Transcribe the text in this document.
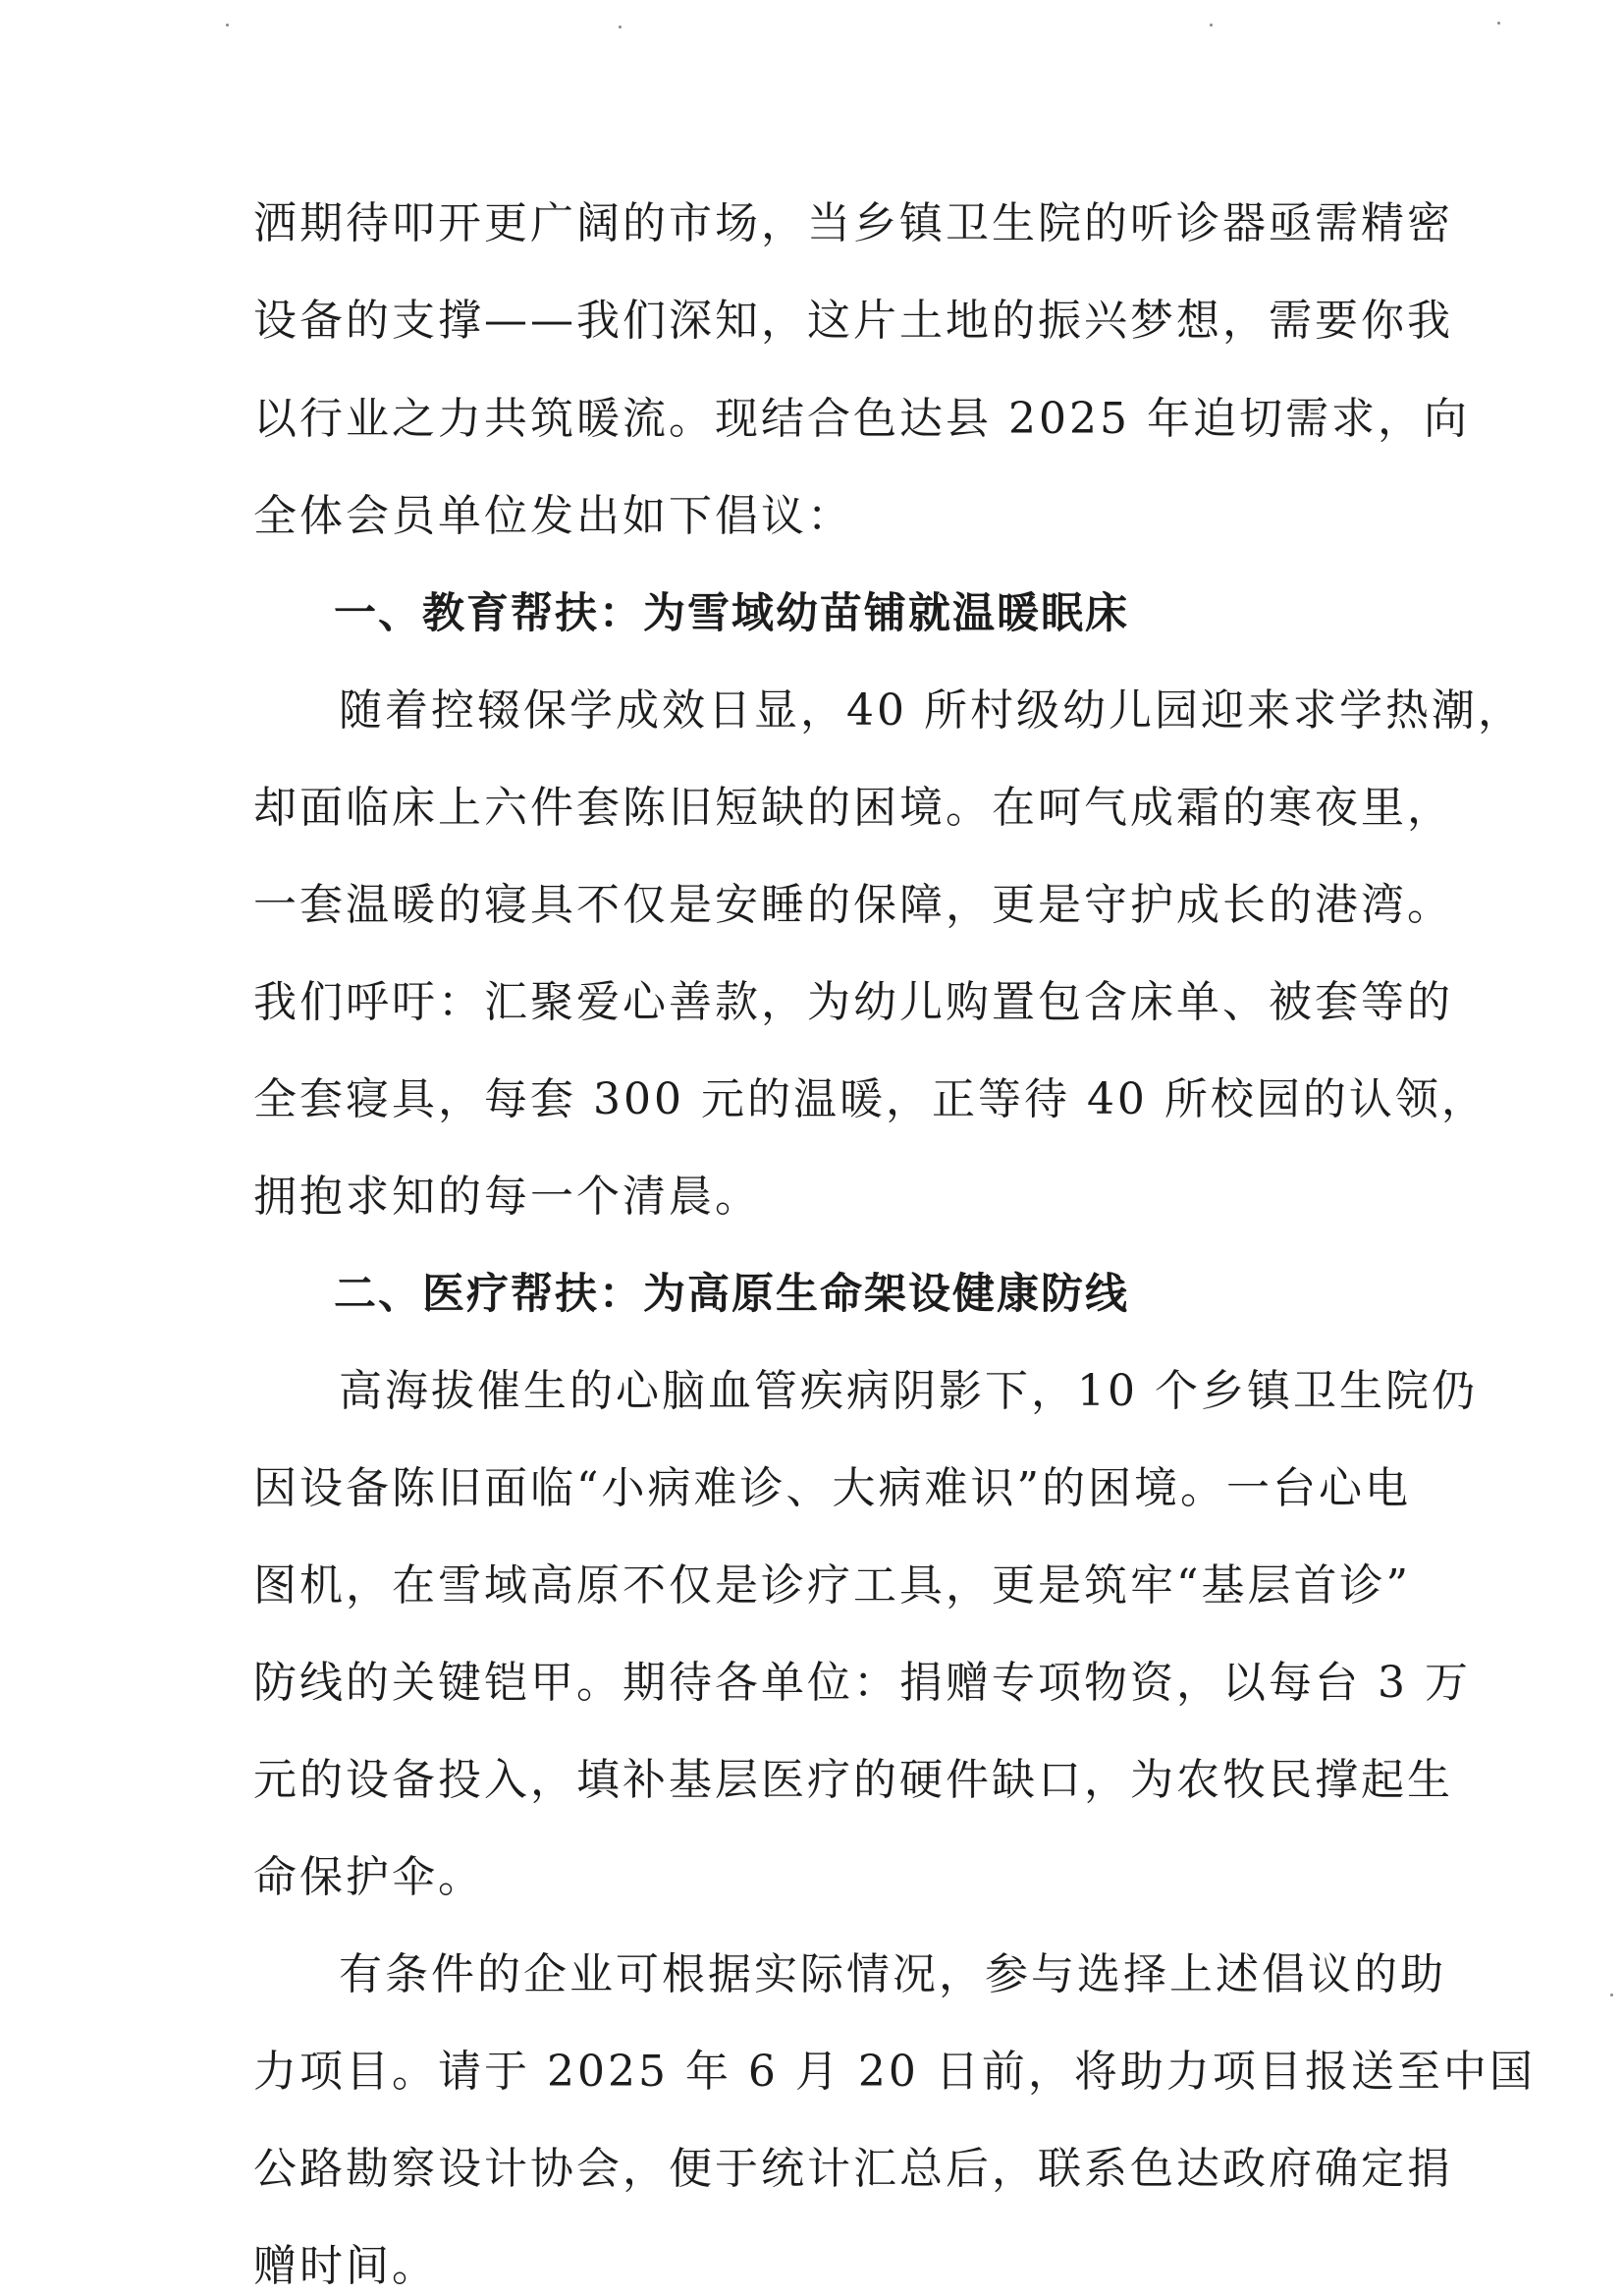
洒期待叩开更广阔的市场，当乡镇卫生院的听诊器亟需精密
设备的支撑——我们深知，这片土地的振兴梦想，需要你我
以行业之力共筑暖流。现结合色达县 2025 年迫切需求，向
全体会员单位发出如下倡议：
一、教育帮扶：为雪域幼苗铺就温暖眠床
随着控辍保学成效日显，40 所村级幼儿园迎来求学热潮，
却面临床上六件套陈旧短缺的困境。在呵气成霜的寒夜里，
一套温暖的寝具不仅是安睡的保障，更是守护成长的港湾。
我们呼吁：汇聚爱心善款，为幼儿购置包含床单、被套等的
全套寝具，每套 300 元的温暖，正等待 40 所校园的认领，
拥抱求知的每一个清晨。
二、医疗帮扶：为高原生命架设健康防线
高海拔催生的心脑血管疾病阴影下，10 个乡镇卫生院仍
因设备陈旧面临“小病难诊、大病难识”的困境。一台心电
图机，在雪域高原不仅是诊疗工具，更是筑牢“基层首诊”
防线的关键铠甲。期待各单位：捐赠专项物资，以每台 3 万
元的设备投入，填补基层医疗的硬件缺口，为农牧民撑起生
命保护伞。
有条件的企业可根据实际情况，参与选择上述倡议的助
力项目。请于 2025 年 6 月 20 日前，将助力项目报送至中国
公路勘察设计协会，便于统计汇总后，联系色达政府确定捐
赠时间。
